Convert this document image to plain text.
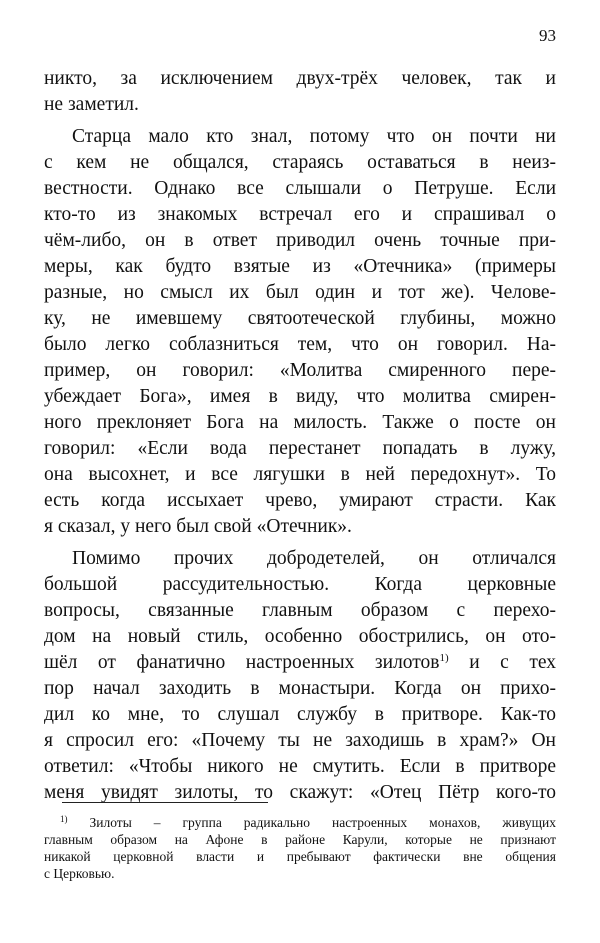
93
никто, за исключением двух-трёх человек, так и
не заметил.
Старца мало кто знал, потому что он почти ни
с кем не общался, стараясь оставаться в неиз-
вестности. Однако все слышали о Петруше. Если
кто-то из знакомых встречал его и спрашивал о
чём-либо, он в ответ приводил очень точные при-
меры, как будто взятые из «Отечника» (примеры
разные, но смысл их был один и тот же). Челове-
ку, не имевшему святоотеческой глубины, можно
было легко соблазниться тем, что он говорил. На-
пример, он говорил: «Молитва смиренного пере-
убеждает Бога», имея в виду, что молитва смирен-
ного преклоняет Бога на милость. Также о посте он
говорил: «Если вода перестанет попадать в лужу,
она высохнет, и все лягушки в ней передохнут». То
есть когда иссыхает чрево, умирают страсти. Как
я сказал, у него был свой «Отечник».
Помимо прочих добродетелей, он отличался
большой рассудительностью. Когда церковные
вопросы, связанные главным образом с перехо-
дом на новый стиль, особенно обострились, он ото-
шёл от фанатично настроенных зилотов$^{1)}$ и с тех
пор начал заходить в монастыри. Когда он прихо-
дил ко мне, то слушал службу в притворе. Как-то
я спросил его: «Почему ты не заходишь в храм?» Он
ответил: «Чтобы никого не смутить. Если в притворе
меня увидят зилоты, то скажут: «Отец Пётр кого-то
$^{1)}$ Зилоты – группа радикально настроенных монахов, живущих
главным образом на Афоне в районе Карули, которые не признают
никакой церковной власти и пребывают фактически вне общения
с Церковью.
